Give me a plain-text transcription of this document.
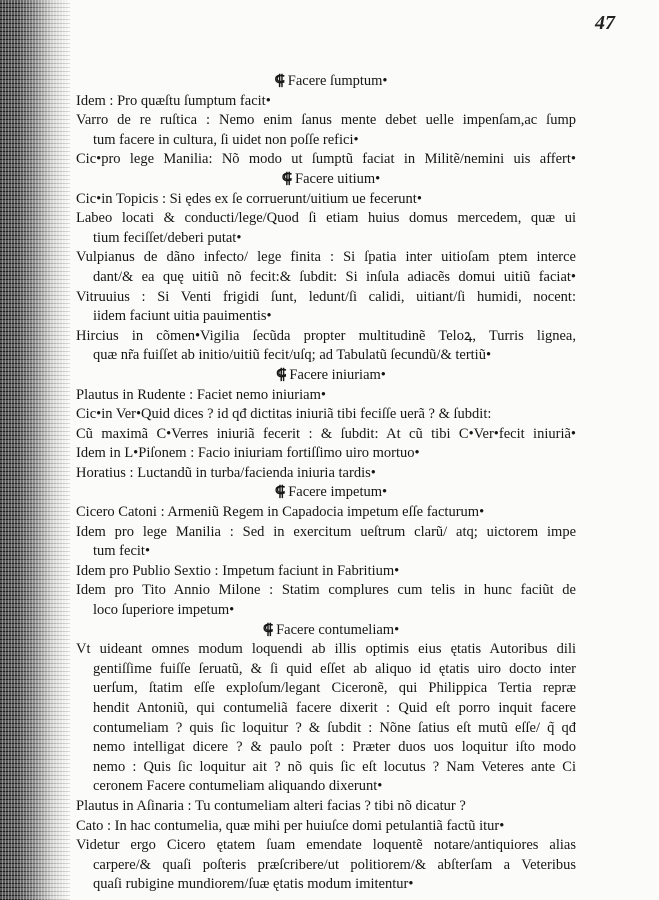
47
⸿ Facere ſumptum•
Idem : Pro quæſtu ſumptum facit•
Varro de re ruſtica : Nemo enim ſanus mente debet uelle impenſam,ac ſump
tum facere in cultura, ſi uidet non poſſe refici•
Cic•pro lege Manilia: Nõ modo ut ſumptũ faciat in Militẽ/nemini uis affert•
⸿ Facere uitium•
Cic•in Topicis : Si ędes ex ſe corruerunt/uitium ue fecerunt•
Labeo locati & conducti/lege/Quod ſi etiam huius domus mercedem, quæ ui
tium feciſſet/deberi putat•
Vulpianus de dãno infecto/ lege finita : Si ſpatia inter uitioſam ptem interce
dant/& ea quę uitiũ nõ fecit:& ſubdit: Si inſula adiacẽs domui uitiũ faciat•
Vitruuius : Si Venti frigidi ſunt, ledunt/ſi calidi, uitiant/ſi humidi, nocent:
iidem faciunt uitia pauimentis•
Hircius in cõmen•Vigilia ſecũda propter multitudinẽ Teloꝝ, Turris lignea,
quæ nr̃a fuiſſet ab initio/uitiũ fecit/uſq; ad Tabulatũ ſecundũ/& tertiũ•
⸿ Facere iniuriam•
Plautus in Rudente : Faciet nemo iniuriam•
Cic•in Ver•Quid dices ? id qđ dictitas iniuriã tibi feciſſe uerã ? & ſubdit:
Cũ maximã C•Verres iniuriã fecerit : & ſubdit: At cũ tibi C•Ver•fecit iniuriã•
Idem in L•Piſonem : Facio iniuriam fortiſſimo uiro mortuo•
Horatius : Luctandũ in turba/facienda iniuria tardis•
⸿ Facere impetum•
Cicero Catoni : Armeniũ Regem in Capadocia impetum eſſe facturum•
Idem pro lege Manilia : Sed in exercitum ueſtrum clarũ/ atq; uictorem impe
tum fecit•
Idem pro Publio Sextio : Impetum faciunt in Fabritium•
Idem pro Tito Annio Milone : Statim complures cum telis in hunc faciũt de
loco ſuperiore impetum•
⸿ Facere contumeliam•
Vt uideant omnes modum loquendi ab illis optimis eius ętatis Autoribus dili
gentiſſime fuiſſe ſeruatũ, & ſi quid eſſet ab aliquo id ętatis uiro docto inter
uerſum, ſtatim eſſe exploſum/legant Ciceronẽ, qui Philippica Tertia repræ
hendit Antoniũ, qui contumeliã facere dixerit : Quid eſt porro inquit facere
contumeliam ? quis ſic loquitur ? & ſubdit : Nõne ſatius eſt mutũ eſſe/ q̃ qđ
nemo intelligat dicere ? & paulo poſt : Præter duos uos loquitur iſto modo
nemo : Quis ſic loquitur ait ? nõ quis ſic eſt locutus ? Nam Veteres ante Ci
ceronem Facere contumeliam aliquando dixerunt•
Plautus in Aſinaria : Tu contumeliam alteri facias ? tibi nõ dicatur ?
Cato : In hac contumelia, quæ mihi per huiuſce domi petulantiã factũ itur•
Videtur ergo Cicero ętatem ſuam emendate loquentẽ notare/antiquiores alias
carpere/& quaſi poſteris præſcribere/ut politiorem/& abſterſam a Veteribus
quaſi rubigine mundiorem/ſuæ ętatis modum imitentur•
